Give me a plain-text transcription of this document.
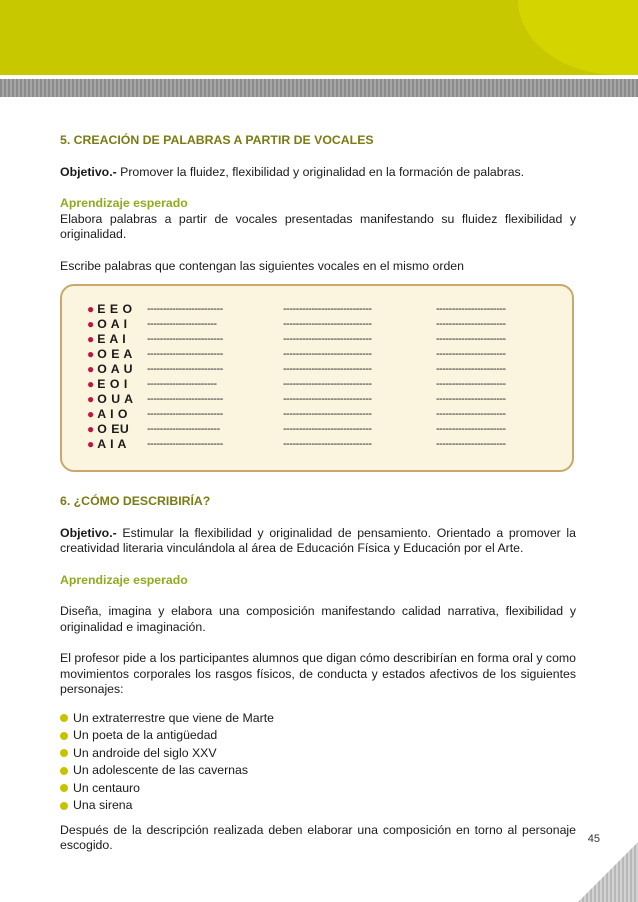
5. CREACIÓN DE PALABRAS A PARTIR DE VOCALES

Objetivo.- Promover la fluidez, flexibilidad y originalidad en la formación de palabras.

Aprendizaje esperado

Elabora palabras a partir de vocales presentadas manifestando su fluidez flexibilidad y originalidad.

Escribe palabras que contengan las siguientes vocales en el mismo orden

● E E O ------------------------	----------------------------	----------------------
● O A I ----------------------	----------------------------	----------------------
● E A I ------------------------	----------------------------	----------------------
● O E A ------------------------	----------------------------	----------------------
● O A U ------------------------	----------------------------	----------------------
● E O I ----------------------	----------------------------	----------------------
● O U A ------------------------	----------------------------	----------------------
● A I O ------------------------	----------------------------	----------------------
● O EU -----------------------	----------------------------	----------------------
● A I A ------------------------	----------------------------	----------------------

6. ¿CÓMO DESCRIBIRÍA?

Objetivo.- Estimular la flexibilidad y originalidad de pensamiento. Orientado a promover la creatividad literaria vinculándola al área de Educación Física y Educación por el Arte.

Aprendizaje esperado

Diseña, imagina y elabora una composición manifestando calidad narrativa, flexibilidad y originalidad e imaginación.

El profesor pide a los participantes alumnos que digan cómo describirían en forma oral y como movimientos corporales los rasgos físicos, de conducta y estados afectivos de los siguientes personajes:

Un extraterrestre que viene de Marte
Un poeta de la antigüedad
Un androide del siglo XXV
Un adolescente de las cavernas
Un centauro
Una sirena

Después de la descripción realizada deben elaborar una composición en torno al personaje escogido.	45
